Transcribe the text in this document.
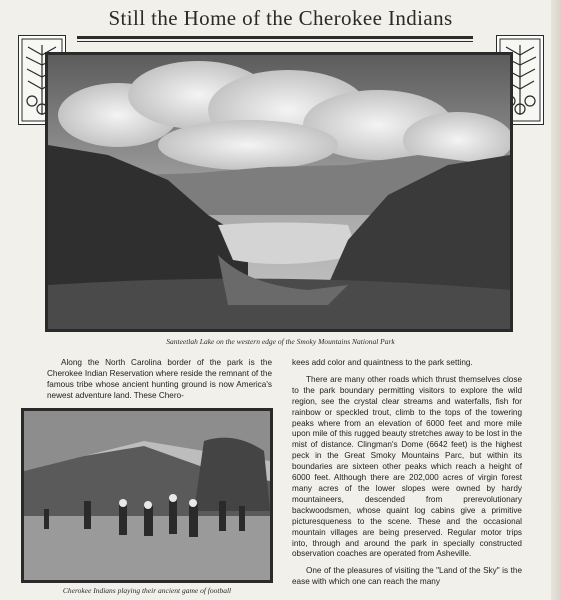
Still the Home of the Cherokee Indians
Santeetlah Lake on the western edge of the Smoky Mountains National Park

Along the North Carolina border of the park is the Cherokee Indian Reservation where reside the remnant of the famous tribe whose ancient hunting ground is now America's newest adventure land. These Chero-

Cherokee Indians playing their ancient game of football

kees add color and quaintness to the park setting.

There are many other roads which thrust themselves close to the park boundary permitting visitors to explore the wild region, see the crystal clear streams and waterfalls, fish for rainbow or speckled trout, climb to the tops of the towering peaks where from an elevation of 6000 feet and more mile upon mile of this rugged beauty stretches away to be lost in the mist of distance. Clingman's Dome (6642 feet) is the highest peck in the Great Smoky Mountains Parc, but within its boundaries are sixteen other peaks which reach a height of 6000 feet. Although there are 202,000 acres of virgin forest many acres of the lower slopes were owned by hardy mountaineers, descended from prerevolutionary backwoodsmen, whose quaint log cabins give a primitive picturesqueness to the scene. These and the occasional mountain villages are being preserved. Regular motor trips into, through and around the park in specially constructed observation coaches are operated from Asheville.

One of the pleasures of visiting the "Land of the Sky" is the ease with which one can reach the many
